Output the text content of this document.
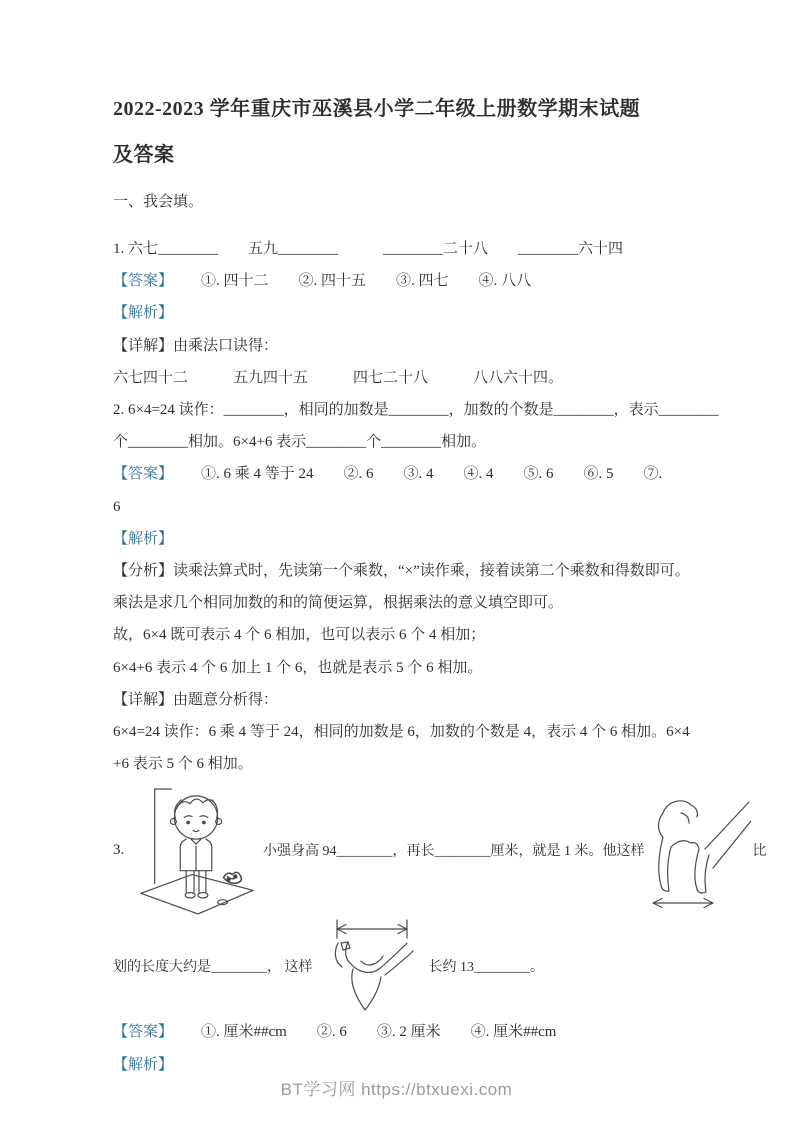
2022-2023 学年重庆市巫溪县小学二年级上册数学期末试题
及答案

一、我会填。

1. 六七________　　五九________　　　________二十八　　________六十四

【答案】 ①. 四十二　　②. 四十五　　③. 四七　　④. 八八

【解析】

【详解】由乘法口诀得：

六七四十二　　　五九四十五　　　四七二十八　　　八八六十四。

2. 6×4=24 读作：________，相同的加数是________，加数的个数是________，表示________

个________相加。6×4+6 表示________个________相加。

【答案】 ①. 6 乘 4 等于 24　　②. 6　　③. 4　　④. 4　　⑤. 6　　⑥. 5　　⑦.

6

【解析】

【分析】读乘法算式时，先读第一个乘数，“×”读作乘，接着读第二个乘数和得数即可。

乘法是求几个相同加数的和的简便运算，根据乘法的意义填空即可。

故，6×4 既可表示 4 个 6 相加，也可以表示 6 个 4 相加；

6×4+6 表示 4 个 6 加上 1 个 6，也就是表示 5 个 6 相加。

【详解】由题意分析得：

6×4=24 读作：6 乘 4 等于 24，相同的加数是 6，加数的个数是 4，表示 4 个 6 相加。6×4

+6 表示 5 个 6 相加。

3.	小强身高 94________，再长________厘米，就是 1 米。他这样	比
划的长度大约是________， 这样	长约 13________。

【答案】 ①. 厘米##cm　　②. 6　　③. 2 厘米　　④. 厘米##cm

【解析】

BT学习网 https://btxuexi.com
